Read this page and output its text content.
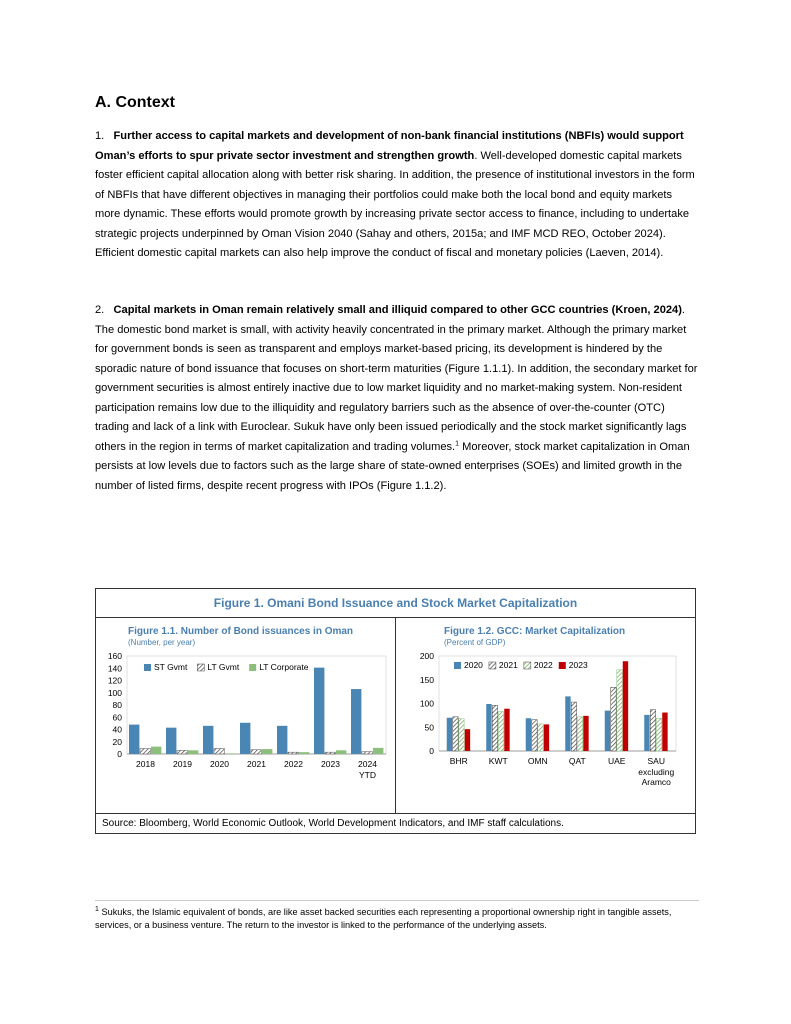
A. Context

1. Further access to capital markets and development of non-bank financial institutions (NBFIs) would support Oman’s efforts to spur private sector investment and strengthen growth. Well-developed domestic capital markets foster efficient capital allocation along with better risk sharing. In addition, the presence of institutional investors in the form of NBFIs that have different objectives in managing their portfolios could make both the local bond and equity markets more dynamic. These efforts would promote growth by increasing private sector access to finance, including to undertake strategic projects underpinned by Oman Vision 2040 (Sahay and others, 2015a; and IMF MCD REO, October 2024). Efficient domestic capital markets can also help improve the conduct of fiscal and monetary policies (Laeven, 2014).

2. Capital markets in Oman remain relatively small and illiquid compared to other GCC countries (Kroen, 2024). The domestic bond market is small, with activity heavily concentrated in the primary market. Although the primary market for government bonds is seen as transparent and employs market-based pricing, its development is hindered by the sporadic nature of bond issuance that focuses on short-term maturities (Figure 1.1.1). In addition, the secondary market for government securities is almost entirely inactive due to low market liquidity and no market-making system. Non-resident participation remains low due to the illiquidity and regulatory barriers such as the absence of over-the-counter (OTC) trading and lack of a link with Euroclear. Sukuk have only been issued periodically and the stock market significantly lags others in the region in terms of market capitalization and trading volumes.$^1$ Moreover, stock market capitalization in Oman persists at low levels due to factors such as the large share of state-owned enterprises (SOEs) and limited growth in the number of listed firms, despite recent progress with IPOs (Figure 1.1.2).

Figure 1. Omani Bond Issuance and Stock Market Capitalization
Figure 1.1. Number of Bond issuances in Oman
(Number, per year)
0
20
40
60
80
100
120
140
160
2018 2019 2020 2021 2022 2023 2024
YTD
ST Gvmt LT Gvmt LT Corporate
Figure 1.2. GCC: Market Capitalization
(Percent of GDP)
0
50
100
150
200
BHR KWT OMN QAT	UAE	SAU
excluding
Aramco
2020 2021 2022 2023
Source: Bloomberg, World Economic Outlook, World Development Indicators, and IMF staff calculations.

$^1$ Sukuks, the Islamic equivalent of bonds, are like asset backed securities each representing a proportional ownership right in tangible assets, services, or a business venture. The return to the investor is linked to the performance of the underlying assets.
